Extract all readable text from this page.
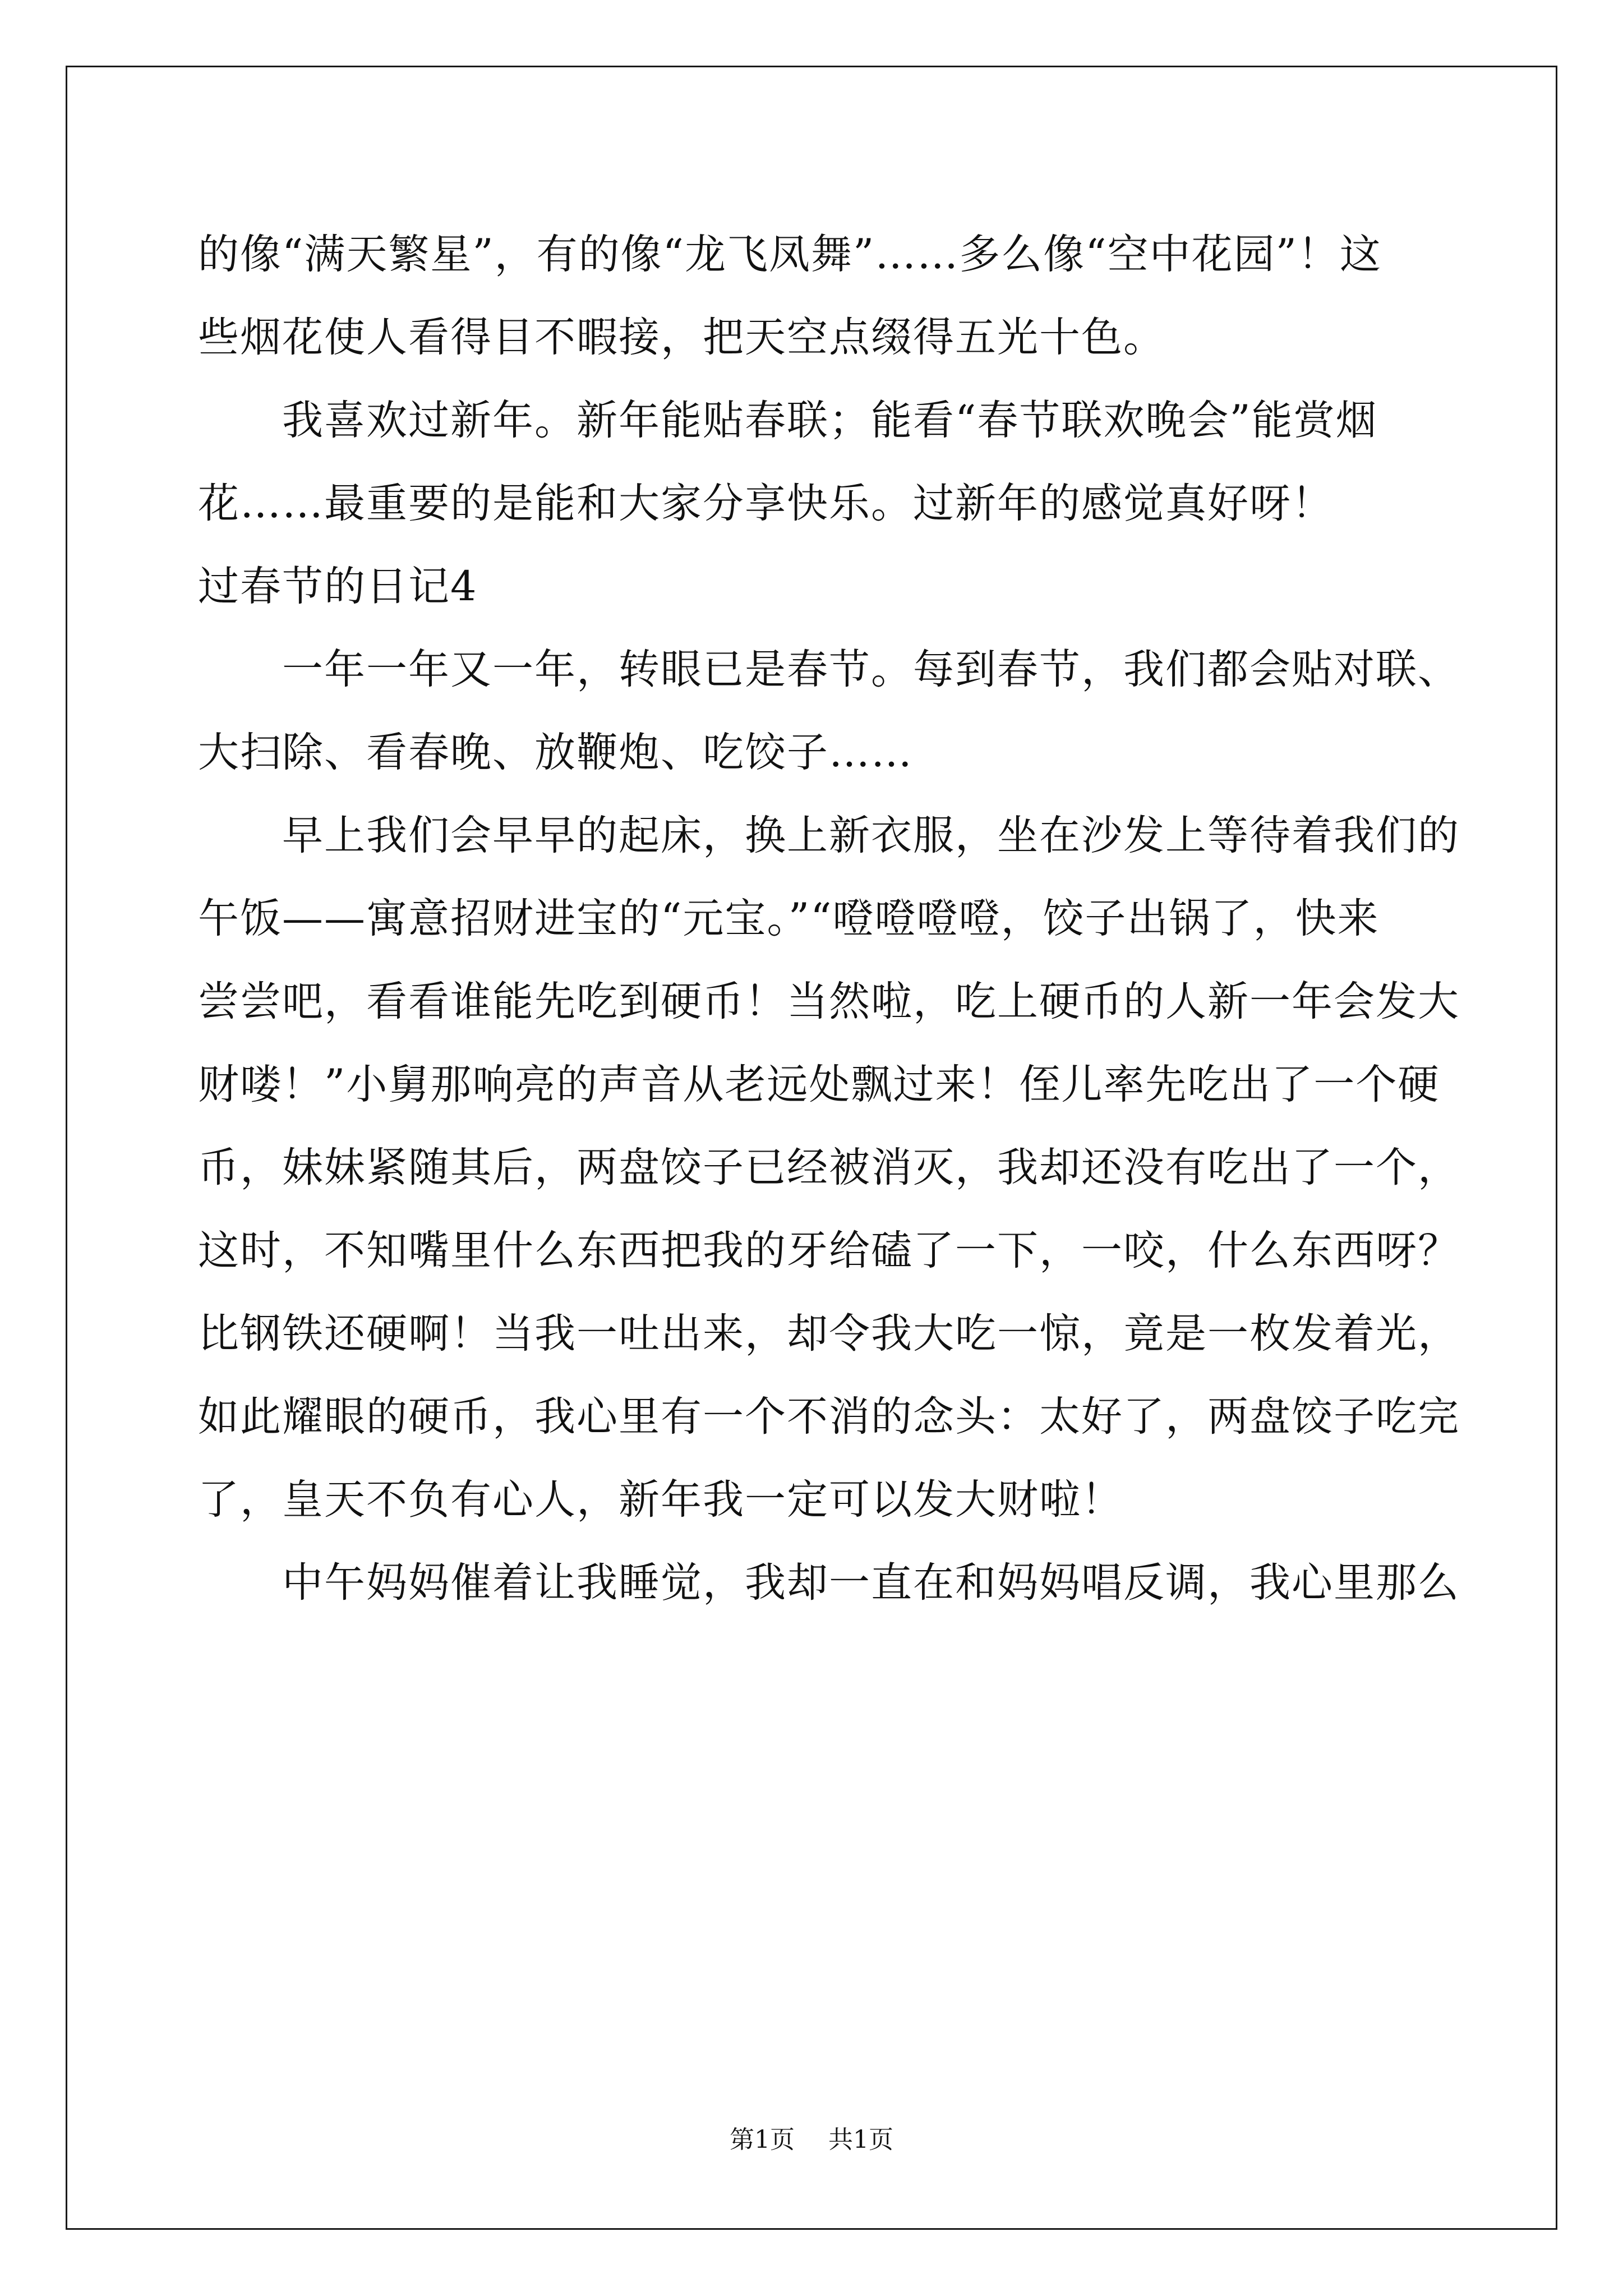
的像“满天繁星”，有的像“龙飞凤舞”……多么像“空中花园”！这
些烟花使人看得目不暇接，把天空点缀得五光十色。
我喜欢过新年。新年能贴春联；能看“春节联欢晚会”能赏烟
花……最重要的是能和大家分享快乐。过新年的感觉真好呀！
过春节的日记4
一年一年又一年，转眼已是春节。每到春节，我们都会贴对联、
大扫除、看春晚、放鞭炮、吃饺子……
早上我们会早早的起床，换上新衣服，坐在沙发上等待着我们的
午饭——寓意招财进宝的“元宝。”“噔噔噔噔，饺子出锅了，快来
尝尝吧，看看谁能先吃到硬币！当然啦，吃上硬币的人新一年会发大
财喽！”小舅那响亮的声音从老远处飘过来！侄儿率先吃出了一个硬
币，妹妹紧随其后，两盘饺子已经被消灭，我却还没有吃出了一个，
这时，不知嘴里什么东西把我的牙给磕了一下，一咬，什么东西呀？
比钢铁还硬啊！当我一吐出来，却令我大吃一惊，竟是一枚发着光，
如此耀眼的硬币，我心里有一个不消的念头：太好了，两盘饺子吃完
了，皇天不负有心人，新年我一定可以发大财啦！
中午妈妈催着让我睡觉，我却一直在和妈妈唱反调，我心里那么
第1页 共1页
